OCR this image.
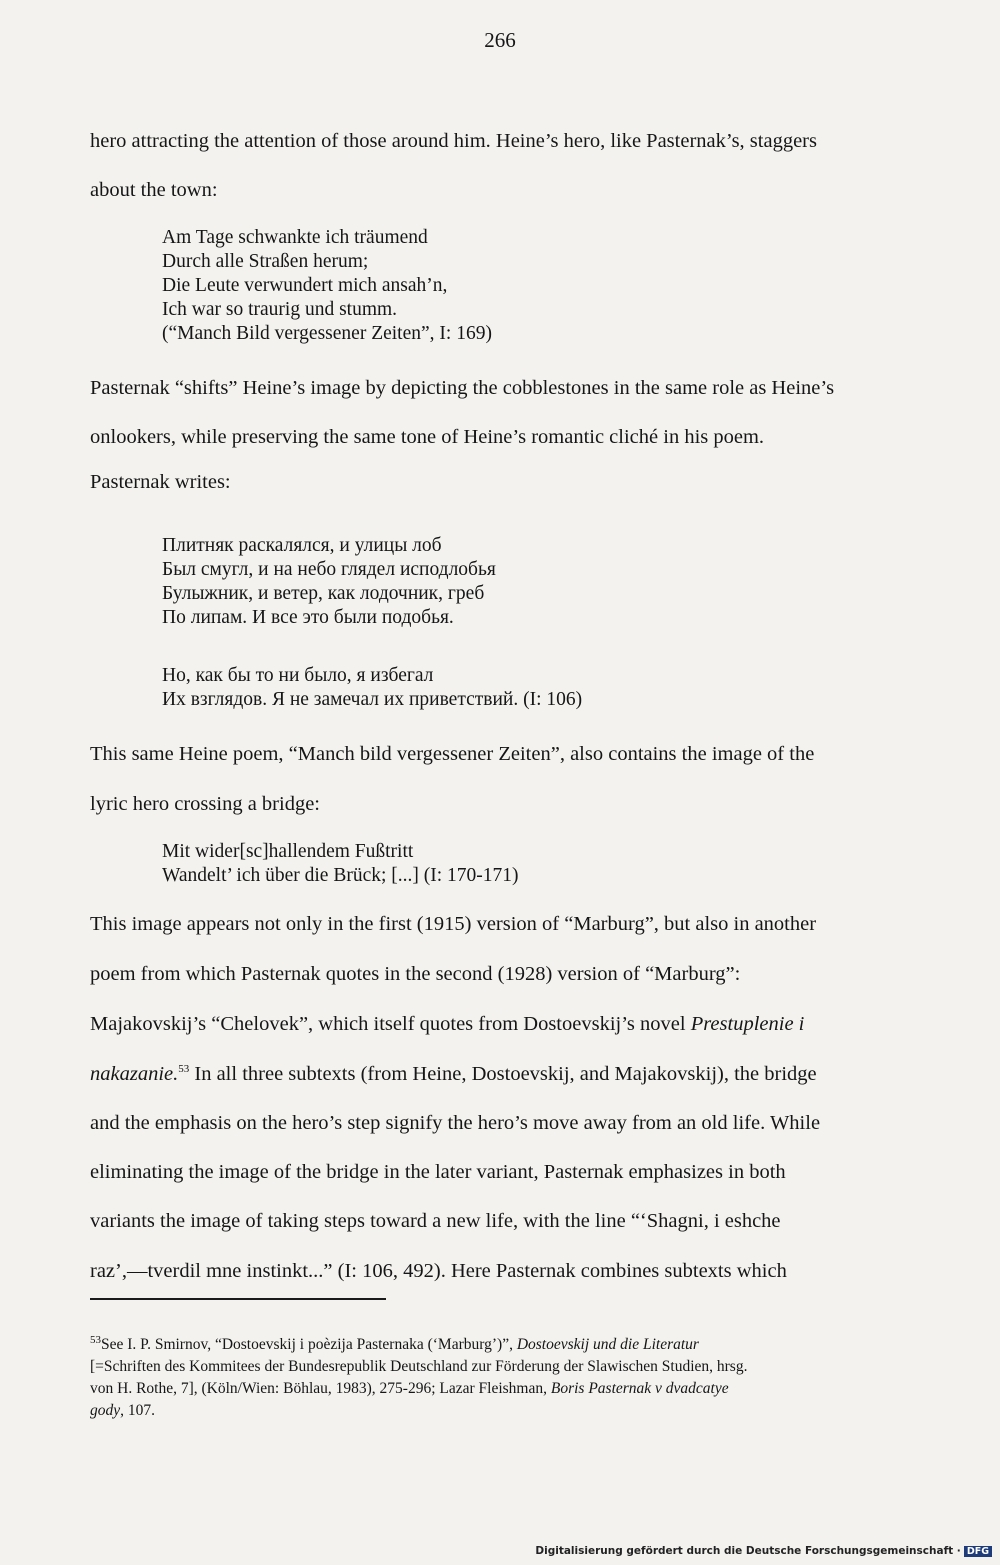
266
hero attracting the attention of those around him. Heine’s hero, like Pasternak’s, staggers
about the town:
Am Tage schwankte ich träumend
Durch alle Straßen herum;
Die Leute verwundert mich ansah’n,
Ich war so traurig und stumm.
(“Manch Bild vergessener Zeiten”, I: 169)
Pasternak “shifts” Heine’s image by depicting the cobblestones in the same role as Heine’s
onlookers, while preserving the same tone of Heine’s romantic cliché in his poem.
Pasternak writes:
Плитняк раскалялся, и улицы лоб
Был смугл, и на небо глядел исподлобья
Булыжник, и ветер, как лодочник, греб
По липам. И все это были подобья.
Но, как бы то ни было, я избегал
Их взглядов. Я не замечал их приветствий. (I: 106)
This same Heine poem, “Manch bild vergessener Zeiten”, also contains the image of the
lyric hero crossing a bridge:
Mit wider[sc]hallendem Fußtritt
Wandelt’ ich über die Brück; [...] (I: 170-171)
This image appears not only in the first (1915) version of “Marburg”, but also in another
poem from which Pasternak quotes in the second (1928) version of “Marburg”:
Majakovskij’s “Chelovek”, which itself quotes from Dostoevskij’s novel Prestuplenie i
nakazanie.$^{53}$ In all three subtexts (from Heine, Dostoevskij, and Majakovskij), the bridge
and the emphasis on the hero’s step signify the hero’s move away from an old life. While
eliminating the image of the bridge in the later variant, Pasternak emphasizes in both
variants the image of taking steps toward a new life, with the line “‘Shagni, i eshche
raz’,—tverdil mne instinkt...” (I: 106, 492). Here Pasternak combines subtexts which
$^{53}$See I. P. Smirnov, “Dostoevskij i poèzija Pasternaka (‘Marburg’)”, Dostoevskij und die Literatur
[=Schriften des Kommitees der Bundesrepublik Deutschland zur Förderung der Slawischen Studien, hrsg.
von H. Rothe, 7], (Köln/Wien: Böhlau, 1983), 275-296; Lazar Fleishman, Boris Pasternak v dvadcatye
gody, 107.
Digitalisierung gefördert durch die Deutsche Forschungsgemeinschaft · DFG
